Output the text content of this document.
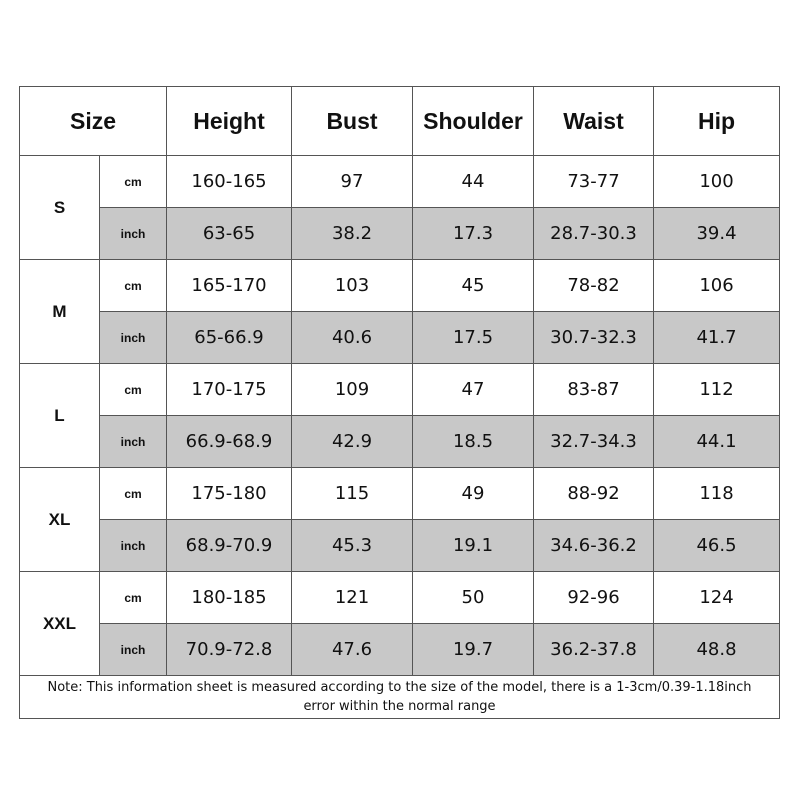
Size		Height	Bust	Shoulder	Waist	Hip
S	cm	160-165	97	44	73-77	100
	inch	63-65	38.2	17.3	28.7-30.3	39.4
M	cm	165-170	103	45	78-82	106
	inch	65-66.9	40.6	17.5	30.7-32.3	41.7
L	cm	170-175	109	47	83-87	112
	inch	66.9-68.9	42.9	18.5	32.7-34.3	44.1
XL	cm	175-180	115	49	88-92	118
	inch	68.9-70.9	45.3	19.1	34.6-36.2	46.5
XXL	cm	180-185	121	50	92-96	124
	inch	70.9-72.8	47.6	19.7	36.2-37.8	48.8

Note: This information sheet is measured according to the size of the model, there is a 1-3cm/0.39-1.18inch
error within the normal range						
